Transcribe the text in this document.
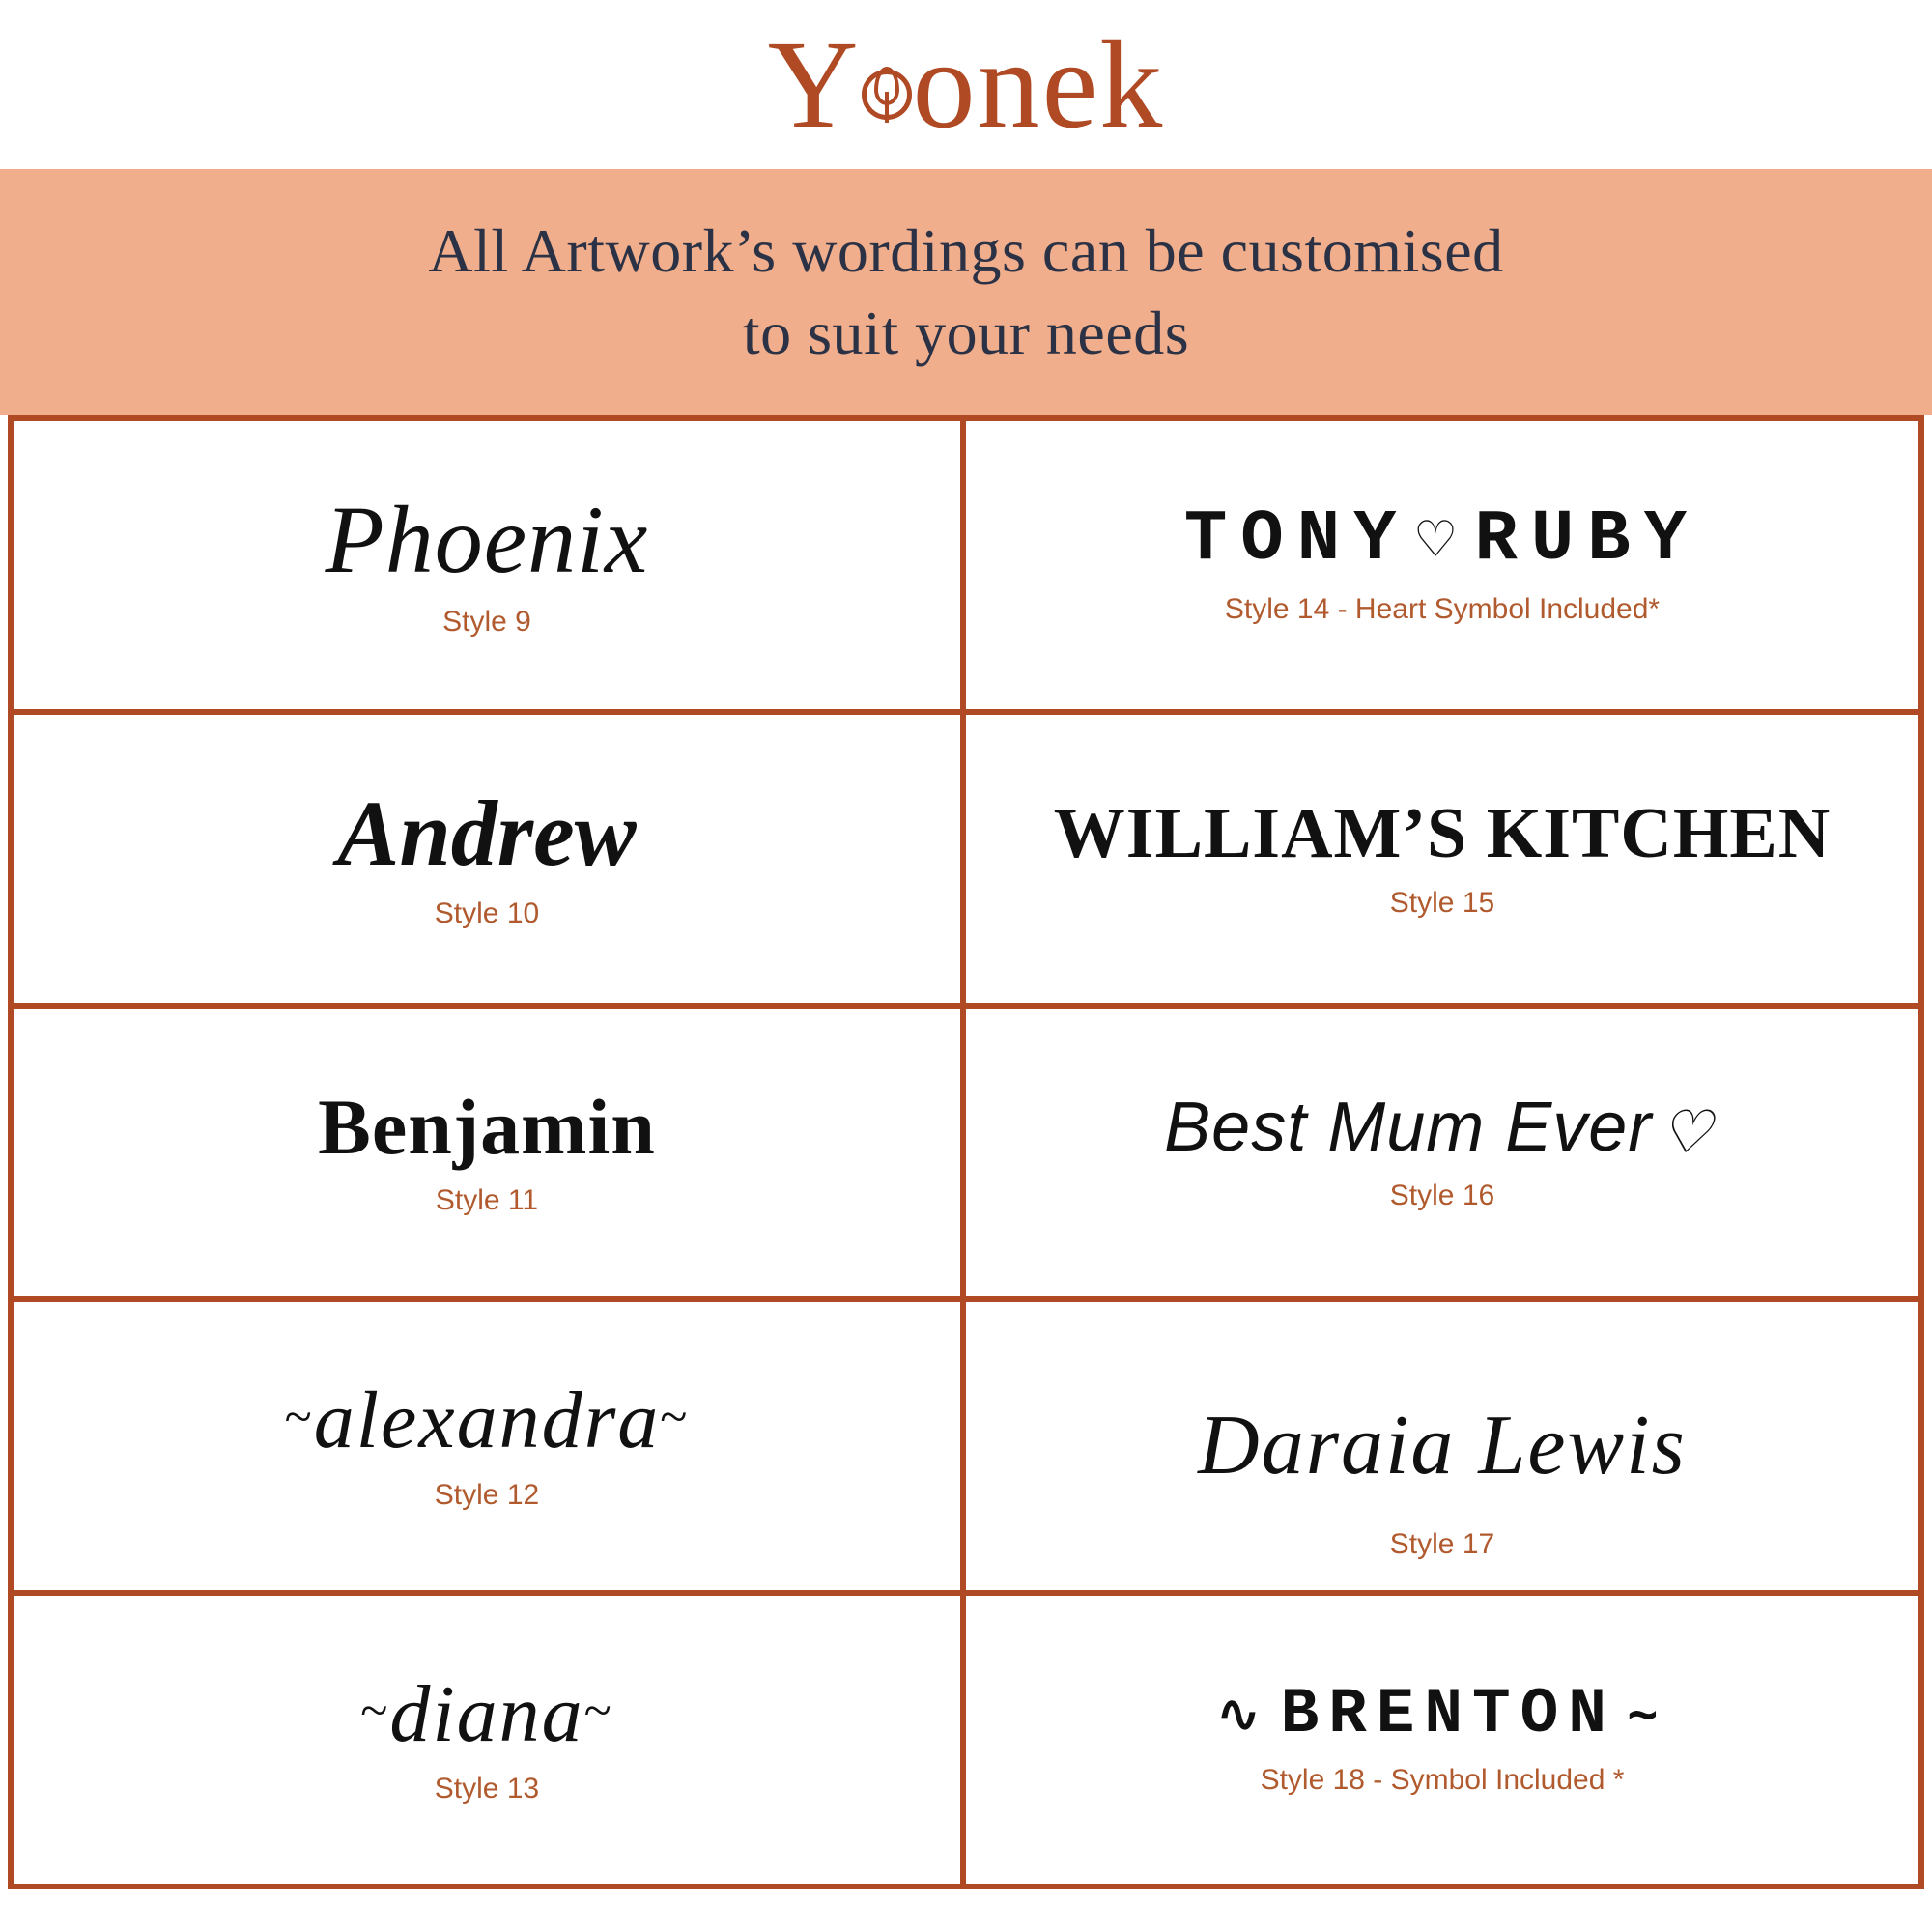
Y onek
All Artwork’s wordings can be customised
to suit your needs
Phoenix
Style 9
TONY ♡ RUBY
Style 14 - Heart Symbol Included*
Andrew
Style 10
WILLIAM’S KITCHEN
Style 15
Benjamin
Style 11
Best Mum Ever ♡
Style 16
~alexandra~
Style 12
Daraia Lewis
Style 17
~diana~
Style 13
∿ BRENTON ∼
Style 18 - Symbol Included *
